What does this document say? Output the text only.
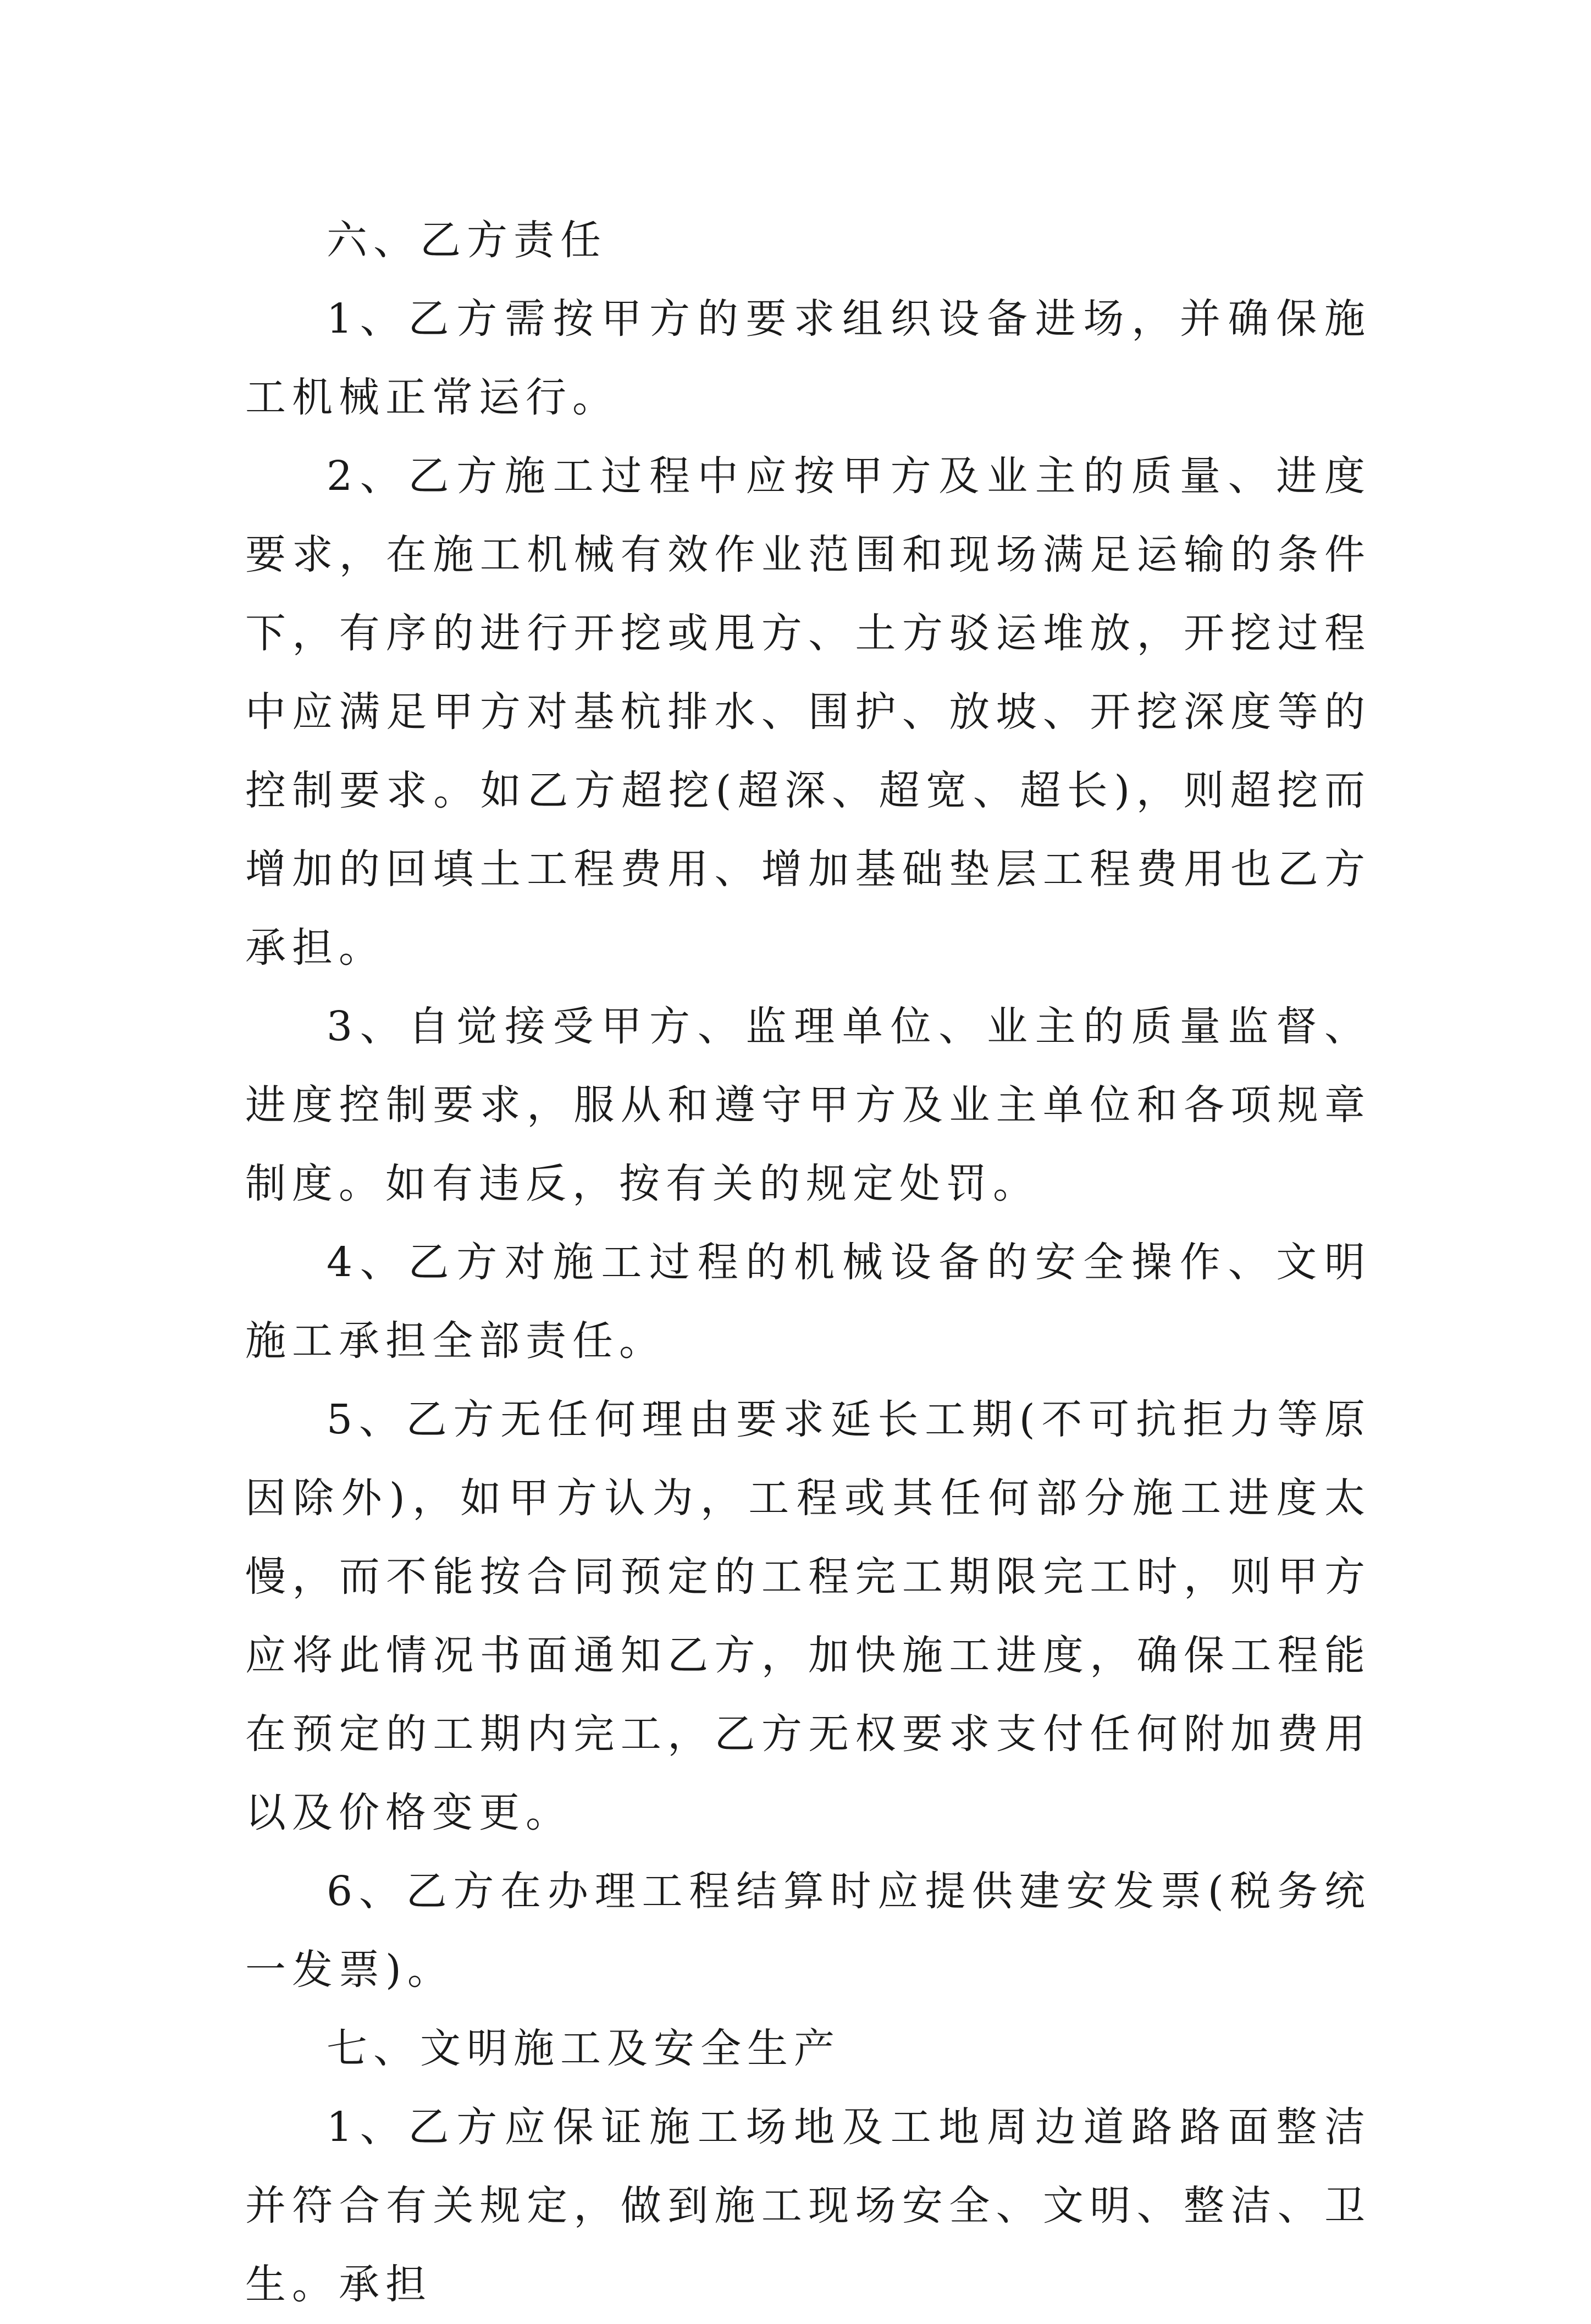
六、乙方责任

1、乙方需按甲方的要求组织设备进场，并确保施工机械正常运行。

2、乙方施工过程中应按甲方及业主的质量、进度要求，在施工机械有效作业范围和现场满足运输的条件下，有序的进行开挖或甩方、土方驳运堆放，开挖过程中应满足甲方对基杭排水、围护、放坡、开挖深度等的控制要求。如乙方超挖(超深、超宽、超长)，则超挖而增加的回填土工程费用、增加基础垫层工程费用也乙方承担。

3、自觉接受甲方、监理单位、业主的质量监督、进度控制要求，服从和遵守甲方及业主单位和各项规章制度。如有违反，按有关的规定处罚。

4、乙方对施工过程的机械设备的安全操作、文明施工承担全部责任。

5、乙方无任何理由要求延长工期(不可抗拒力等原因除外)，如甲方认为，工程或其任何部分施工进度太慢，而不能按合同预定的工程完工期限完工时，则甲方应将此情况书面通知乙方，加快施工进度，确保工程能在预定的工期内完工，乙方无权要求支付任何附加费用以及价格变更。

6、乙方在办理工程结算时应提供建安发票(税务统一发票)。

七、文明施工及安全生产

1、乙方应保证施工场地及工地周边道路路面整洁并符合有关规定，做到施工现场安全、文明、整洁、卫生。承担
